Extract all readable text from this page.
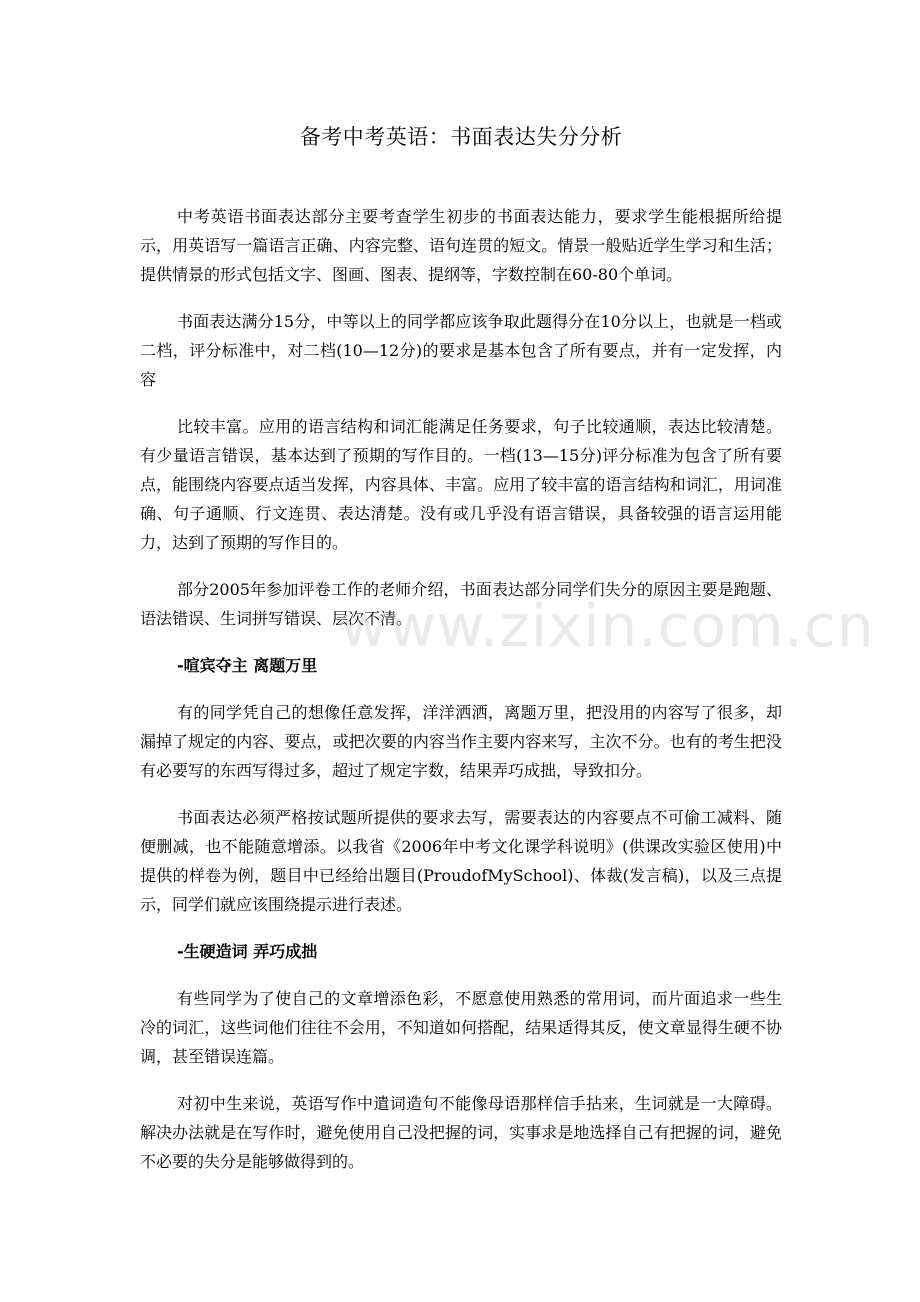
备考中考英语：书面表达失分分析

中考英语书面表达部分主要考查学生初步的书面表达能力，要求学生能根据所给提示，用英语写一篇语言正确、内容完整、语句连贯的短文。情景一般贴近学生学习和生活；提供情景的形式包括文字、图画、图表、提纲等，字数控制在60-80个单词。

书面表达满分15分，中等以上的同学都应该争取此题得分在10分以上，也就是一档或二档，评分标准中，对二档(10—12分)的要求是基本包含了所有要点，并有一定发挥，内容

比较丰富。应用的语言结构和词汇能满足任务要求，句子比较通顺，表达比较清楚。有少量语言错误，基本达到了预期的写作目的。一档(13—15分)评分标准为包含了所有要点，能围绕内容要点适当发挥，内容具体、丰富。应用了较丰富的语言结构和词汇，用词准确、句子通顺、行文连贯、表达清楚。没有或几乎没有语言错误，具备较强的语言运用能力，达到了预期的写作目的。

部分2005年参加评卷工作的老师介绍，书面表达部分同学们失分的原因主要是跑题、语法错误、生词拼写错误、层次不清。

-喧宾夺主 离题万里

有的同学凭自己的想像任意发挥，洋洋洒洒，离题万里，把没用的内容写了很多，却漏掉了规定的内容、要点，或把次要的内容当作主要内容来写，主次不分。也有的考生把没有必要写的东西写得过多，超过了规定字数，结果弄巧成拙，导致扣分。

书面表达必须严格按试题所提供的要求去写，需要表达的内容要点不可偷工减料、随便删减，也不能随意增添。以我省《2006年中考文化课学科说明》(供课改实验区使用)中提供的样卷为例，题目中已经给出题目(ProudofMySchool)、体裁(发言稿)，以及三点提示，同学们就应该围绕提示进行表述。

-生硬造词 弄巧成拙

有些同学为了使自己的文章增添色彩，不愿意使用熟悉的常用词，而片面追求一些生冷的词汇，这些词他们往往不会用，不知道如何搭配，结果适得其反，使文章显得生硬不协调，甚至错误连篇。

对初中生来说，英语写作中遣词造句不能像母语那样信手拈来，生词就是一大障碍。解决办法就是在写作时，避免使用自己没把握的词，实事求是地选择自己有把握的词，避免不必要的失分是能够做得到的。

www.zixin.com.cn
